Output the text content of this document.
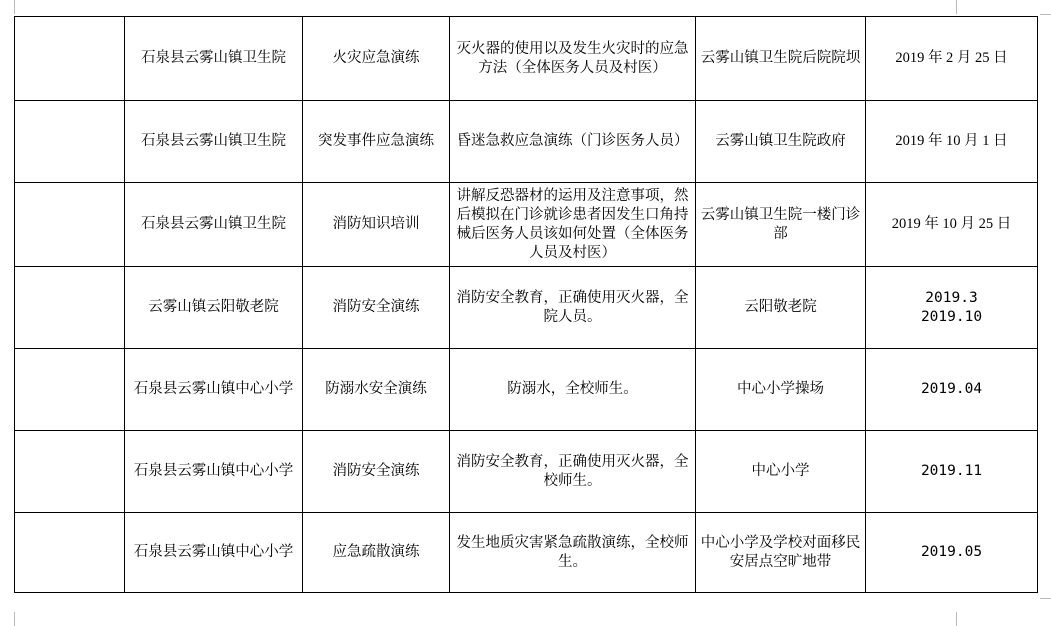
	石泉县云雾山镇卫生院	火灾应急演练	灭火器的使用以及发生火灾时的应急方法（全体医务人员及村医）	云雾山镇卫生院后院院坝	2019 年 2 月 25 日

	石泉县云雾山镇卫生院	突发事件应急演练	昏迷急救应急演练（门诊医务人员）	云雾山镇卫生院政府	2019 年 10 月 1 日

	石泉县云雾山镇卫生院	消防知识培训	讲解反恐器材的运用及注意事项，然后模拟在门诊就诊患者因发生口角持械后医务人员该如何处置（全体医务人员及村医）	云雾山镇卫生院一楼门诊部	2019 年 10 月 25 日

	云雾山镇云阳敬老院	消防安全演练	消防安全教育，正确使用灭火器，全院人员。	云阳敬老院	2019.3
2019.10

	石泉县云雾山镇中心小学	防溺水安全演练	防溺水，全校师生。	中心小学操场	2019.04

	石泉县云雾山镇中心小学	消防安全演练	消防安全教育，正确使用灭火器，全校师生。	中心小学	2019.11

	石泉县云雾山镇中心小学	应急疏散演练	发生地质灾害紧急疏散演练，全校师生。	中心小学及学校对面移民安居点空旷地带	2019.05
